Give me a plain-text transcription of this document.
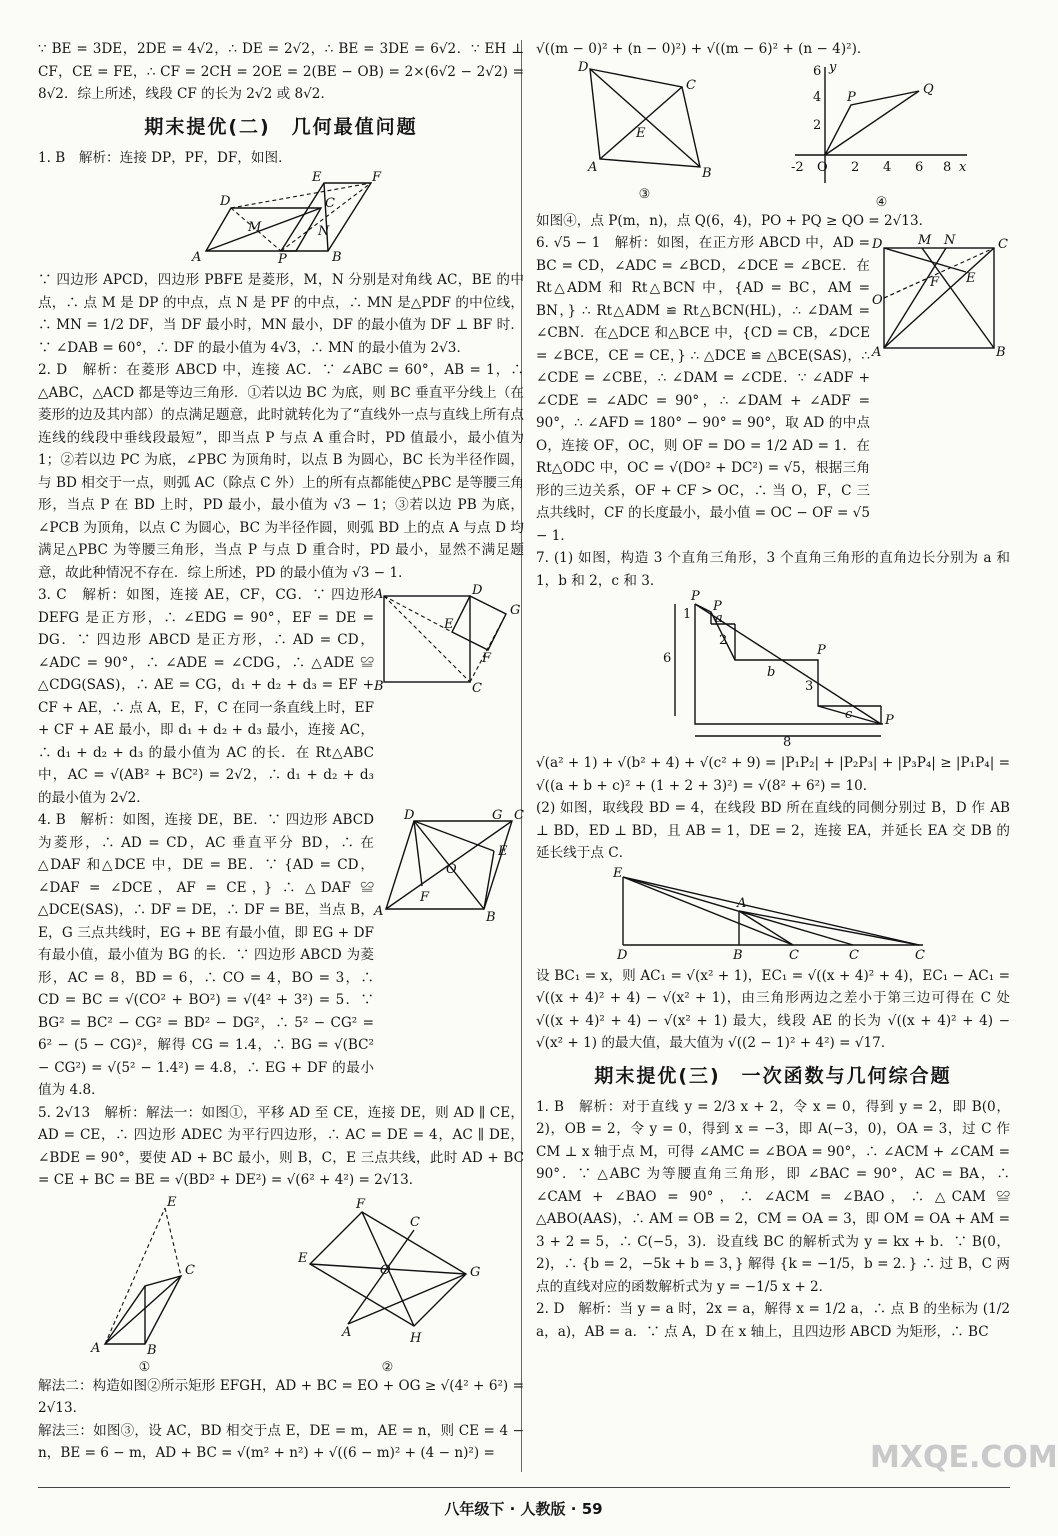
∵ BE = 3DE，2DE = 4√2，∴ DE = 2√2，∴ BE = 3DE = 6√2．∵ EH ⊥ CF，CE = FE，∴ CF = 2CH = 2OE = 2(BE − OB) = 2×(6√2 − 2√2) = 8√2．综上所述，线段 CF 的长为 2√2 或 8√2．

期末提优(二)　几何最值问题

1. B　解析：连接 DP，PF，DF，如图．

A	P	B
D
E	F
C
M	N

∵ 四边形 APCD，四边形 PBFE 是菱形，M，N 分别是对角线 AC，BE 的中点，∴ 点 M 是 DP 的中点，点 N 是 PF 的中点，∴ MN 是△PDF 的中位线，∴ MN = 1/2 DF，当 DF 最小时，MN 最小，DF 的最小值为 DF ⊥ BF 时．∵ ∠DAB = 60°，∴ DF 的最小值为 4√3，∴ MN 的最小值为 2√3．

2. D　解析：在菱形 ABCD 中，连接 AC．∵ ∠ABC = 60°，AB = 1，∴ △ABC，△ACD 都是等边三角形．①若以边 BC 为底，则 BC 垂直平分线上（在菱形的边及其内部）的点满足题意，此时就转化为了“直线外一点与直线上所有点连线的线段中垂线段最短”，即当点 P 与点 A 重合时，PD 值最小，最小值为 1；②若以边 PC 为底，∠PBC 为顶角时，以点 B 为圆心，BC 长为半径作圆，与 BD 相交于一点，则弧 AC（除点 C 外）上的所有点都能使△PBC 是等腰三角形，当点 P 在 BD 上时，PD 最小，最小值为 √3 − 1；③若以边 PB 为底，∠PCB 为顶角，以点 C 为圆心，BC 为半径作圆，则弧 BD 上的点 A 与点 D 均满足△PBC 为等腰三角形，当点 P 与点 D 重合时，PD 最小，显然不满足题意，故此种情况不存在．综上所述，PD 的最小值为 √3 − 1．

A
B	C
D
E
F
G

3. C　解析：如图，连接 AE，CF，CG．∵ 四边形 DEFG 是正方形，∴ ∠EDG = 90°，EF = DE = DG．∵ 四边形 ABCD 是正方形，∴ AD = CD，∠ADC = 90°，∴ ∠ADE = ∠CDG，∴ △ADE ≌ △CDG(SAS)，∴ AE = CG，d₁ + d₂ + d₃ = EF + CF + AE，∴ 点 A，E，F，C 在同一条直线上时，EF + CF + AE 最小，即 d₁ + d₂ + d₃ 最小，连接 AC，∴ d₁ + d₂ + d₃ 的最小值为 AC 的长．在 Rt△ABC 中，AC = √(AB² + BC²) = 2√2，∴ d₁ + d₂ + d₃ 的最小值为 2√2．

A	B
C
D
E
F
G
O

4. B　解析：如图，连接 DE，BE．∵ 四边形 ABCD 为菱形，∴ AD = CD，AC 垂直平分 BD，∴ 在△DAF 和△DCE 中，DE = BE．∵ {AD = CD，∠DAF = ∠DCE，AF = CE，} ∴ △DAF ≌ △DCE(SAS)，∴ DF = DE，∴ DF = BE，当点 B，E，G 三点共线时，EG + BE 有最小值，即 EG + DF 有最小值，最小值为 BG 的长．∵ 四边形 ABCD 为菱形，AC = 8，BD = 6，∴ CO = 4，BO = 3，∴ CD = BC = √(CO² + BO²) = √(4² + 3²) = 5．∵ BG² = BC² − CG² = BD² − DG²，∴ 5² − CG² = 6² − (5 − CG)²，解得 CG = 1.4，∴ BG = √(BC² − CG²) = √(5² − 1.4²) = 4.8，∴ EG + DF 的最小值为 4.8．

5. 2√13　解析：解法一：如图①，平移 AD 至 CE，连接 DE，则 AD ∥ CE，AD = CE，∴ 四边形 ADEC 为平行四边形，∴ AC = DE = 4，AC ∥ DE，∠BDE = 90°，要使 AD + BC 最小，则 B，C，E 三点共线，此时 AD + BC = CE + BC = BE = √(BD² + DE²) = √(6² + 4²) = 2√13．

A	B
C
E
①
E
F
G
H
A
C
O
②

解法二：构造如图②所示矩形 EFGH，AD + BC = EO + OG ≥ √(4² + 6²) = 2√13．

解法三：如图③，设 AC，BD 相交于点 E，DE = m，AE = n，则 CE = 4 − n，BE = 6 − m，AD + BC = √(m² + n²) + √((6 − m)² + (4 − n)²) =

√((m − 0)² + (n − 0)²) + √((m − 6)² + (n − 4)²)．

D
C
A	B
E
③
-2 O 2 4 6 8 x
y
6
4
2
P
Q
④

如图④，点 P(m，n)，点 Q(6，4)，PO + PQ ≥ QO = 2√13．

D	C
A	B
M N
E
F
O

6. √5 − 1　解析：如图，在正方形 ABCD 中，AD = BC = CD，∠ADC = ∠BCD，∠DCE = ∠BCE．在 Rt△ADM 和 Rt△BCN 中，{AD = BC，AM = BN，} ∴ Rt△ADM ≌ Rt△BCN(HL)，∴ ∠DAM = ∠CBN．在△DCE 和△BCE 中，{CD = CB，∠DCE = ∠BCE，CE = CE，} ∴ △DCE ≌ △BCE(SAS)，∴ ∠CDE = ∠CBE，∴ ∠DAM = ∠CDE．∵ ∠ADF + ∠CDE = ∠ADC = 90°，∴ ∠DAM + ∠ADF = 90°，∴ ∠AFD = 180° − 90° = 90°，取 AD 的中点 O，连接 OF，OC，则 OF = DO = 1/2 AD = 1．在 Rt△ODC 中，OC = √(DO² + DC²) = √5，根据三角形的三边关系，OF + CF > OC，∴ 当 O，F，C 三点共线时，CF 的长度最小，最小值 = OC − OF = √5 − 1．

7. (1) 如图，构造 3 个直角三角形，3 个直角三角形的直角边长分别为 a 和 1，b 和 2，c 和 3．

P
P
P
P
1 a
2
b
3
c
6
8

√(a² + 1) + √(b² + 4) + √(c² + 9) = |P₁P₂| + |P₂P₃| + |P₃P₄| ≥ |P₁P₄| = √((a + b + c)² + (1 + 2 + 3)²) = √(8² + 6²) = 10．

(2) 如图，取线段 BD = 4，在线段 BD 所在直线的同侧分别过 B，D 作 AB ⊥ BD，ED ⊥ BD，且 AB = 1，DE = 2，连接 EA，并延长 EA 交 DB 的延长线于点 C．

E
A
D	B	C	C	C

设 BC₁ = x，则 AC₁ = √(x² + 1)，EC₁ = √((x + 4)² + 4)，EC₁ − AC₁ = √((x + 4)² + 4) − √(x² + 1)，由三角形两边之差小于第三边可得在 C 处 √((x + 4)² + 4) − √(x² + 1) 最大，线段 AE 的长为 √((x + 4)² + 4) − √(x² + 1) 的最大值，最大值为 √((2 − 1)² + 4²) = √17．

期末提优(三)　一次函数与几何综合题

1. B　解析：对于直线 y = 2/3 x + 2，令 x = 0，得到 y = 2，即 B(0，2)，OB = 2，令 y = 0，得到 x = −3，即 A(−3，0)，OA = 3，过 C 作 CM ⊥ x 轴于点 M，可得 ∠AMC = ∠BOA = 90°，∴ ∠ACM + ∠CAM = 90°．∵ △ABC 为等腰直角三角形，即 ∠BAC = 90°，AC = BA，∴ ∠CAM + ∠BAO = 90°，∴ ∠ACM = ∠BAO，∴ △CAM ≌ △ABO(AAS)，∴ AM = OB = 2，CM = OA = 3，即 OM = OA + AM = 3 + 2 = 5，∴ C(−5，3)．设直线 BC 的解析式为 y = kx + b．∵ B(0，2)，∴ {b = 2，−5k + b = 3，} 解得 {k = −1/5，b = 2．} ∴ 过 B，C 两点的直线对应的函数解析式为 y = −1/5 x + 2．

2. D　解析：当 y = a 时，2x = a，解得 x = 1/2 a，∴ 点 B 的坐标为 (1/2 a，a)，AB = a．∵ 点 A，D 在 x 轴上，且四边形 ABCD 为矩形，∴ BC

八年级下 · 人教版 · 59
MXQE.COM
